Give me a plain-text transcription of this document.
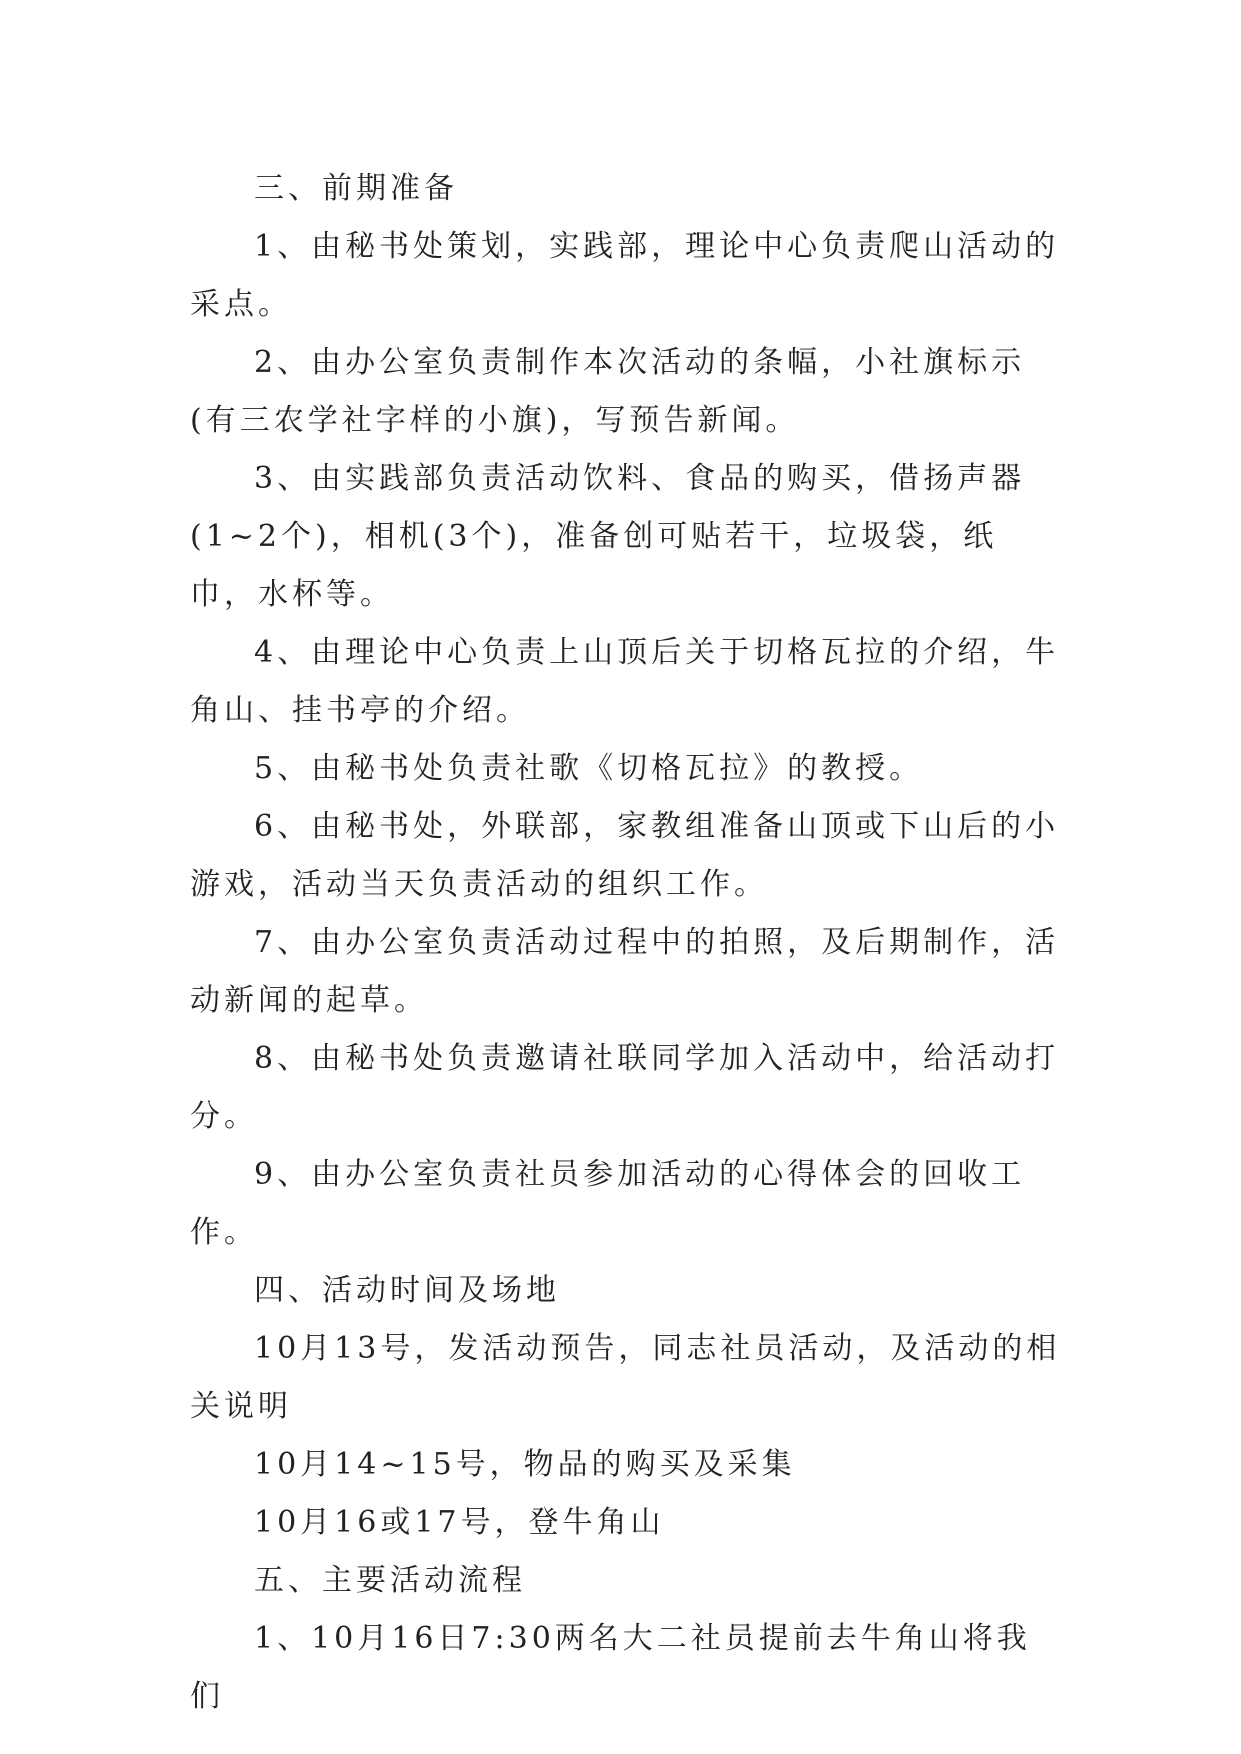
三、前期准备

1、由秘书处策划，实践部，理论中心负责爬山活动的采点。

2、由办公室负责制作本次活动的条幅，小社旗标示(有三农学社字样的小旗)，写预告新闻。

3、由实践部负责活动饮料、食品的购买，借扬声器(1~2个)，相机(3个)，准备创可贴若干，垃圾袋，纸巾，水杯等。

4、由理论中心负责上山顶后关于切格瓦拉的介绍，牛角山、挂书亭的介绍。

5、由秘书处负责社歌《切格瓦拉》的教授。

6、由秘书处，外联部，家教组准备山顶或下山后的小游戏，活动当天负责活动的组织工作。

7、由办公室负责活动过程中的拍照，及后期制作，活动新闻的起草。

8、由秘书处负责邀请社联同学加入活动中，给活动打分。

9、由办公室负责社员参加活动的心得体会的回收工作。

四、活动时间及场地

10月13号，发活动预告，同志社员活动，及活动的相关说明

10月14~15号，物品的购买及采集

10月16或17号，登牛角山

五、主要活动流程

1、10月16日7:30两名大二社员提前去牛角山将我们
